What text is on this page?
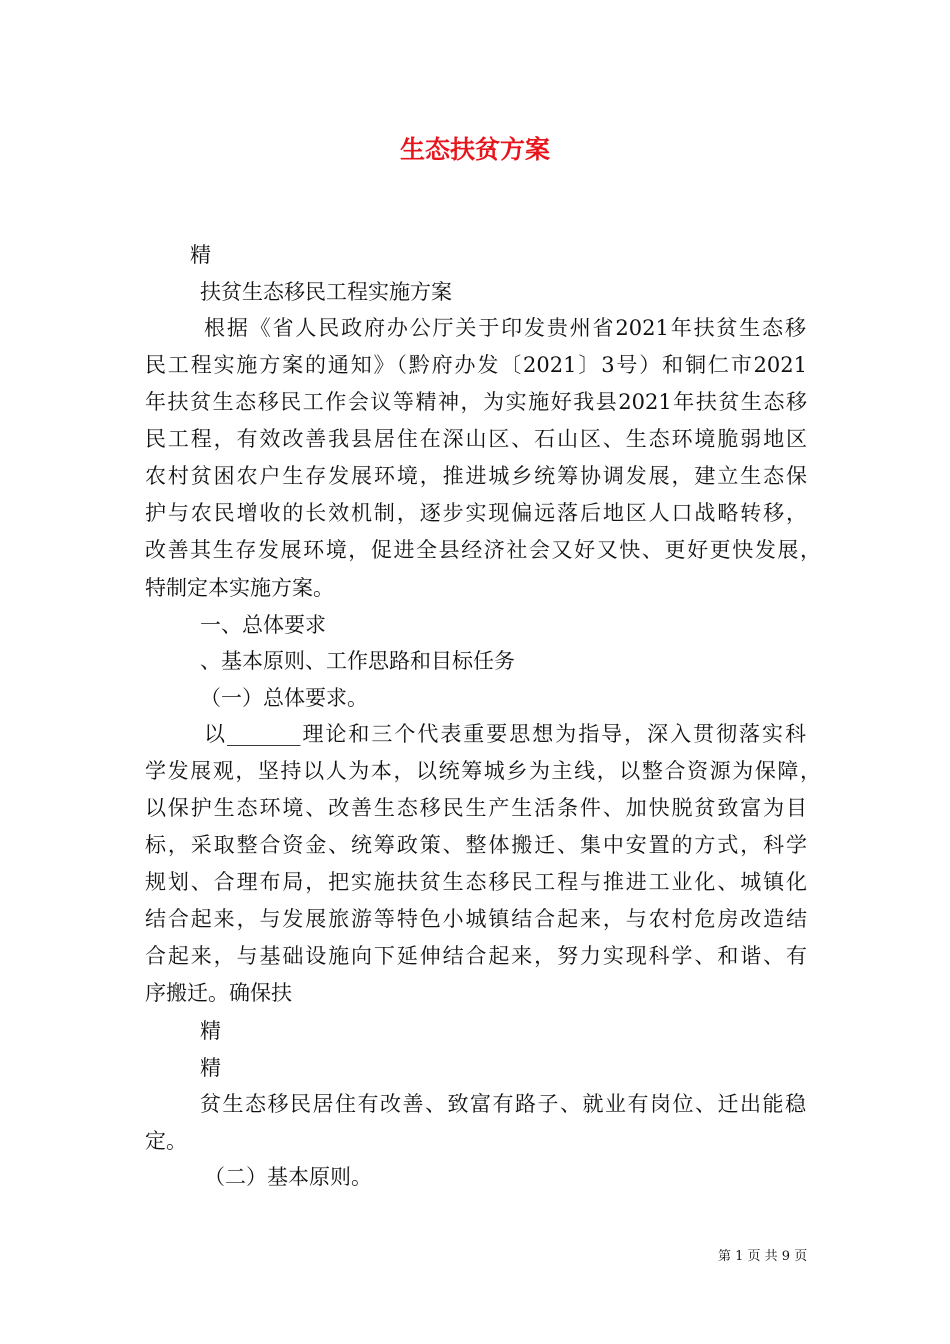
生态扶贫方案
精
扶贫生态移民工程实施方案
根据《省人民政府办公厅关于印发贵州省2021年扶贫生态移
民工程实施方案的通知》（黔府办发〔2021〕3号）和铜仁市2021
年扶贫生态移民工作会议等精神，为实施好我县2021年扶贫生态移
民工程，有效改善我县居住在深山区、石山区、生态环境脆弱地区
农村贫困农户生存发展环境，推进城乡统筹协调发展，建立生态保
护与农民增收的长效机制，逐步实现偏远落后地区人口战略转移，
改善其生存发展环境，促进全县经济社会又好又快、更好更快发展，
特制定本实施方案。
一、总体要求
、基本原则、工作思路和目标任务
（一）总体要求。
以_______理论和三个代表重要思想为指导，深入贯彻落实科
学发展观，坚持以人为本，以统筹城乡为主线，以整合资源为保障，
以保护生态环境、改善生态移民生产生活条件、加快脱贫致富为目
标，采取整合资金、统筹政策、整体搬迁、集中安置的方式，科学
规划、合理布局，把实施扶贫生态移民工程与推进工业化、城镇化
结合起来，与发展旅游等特色小城镇结合起来，与农村危房改造结
合起来，与基础设施向下延伸结合起来，努力实现科学、和谐、有
序搬迁。确保扶
精
精
贫生态移民居住有改善、致富有路子、就业有岗位、迁出能稳
定。
（二）基本原则。
第 1 页 共 9 页
